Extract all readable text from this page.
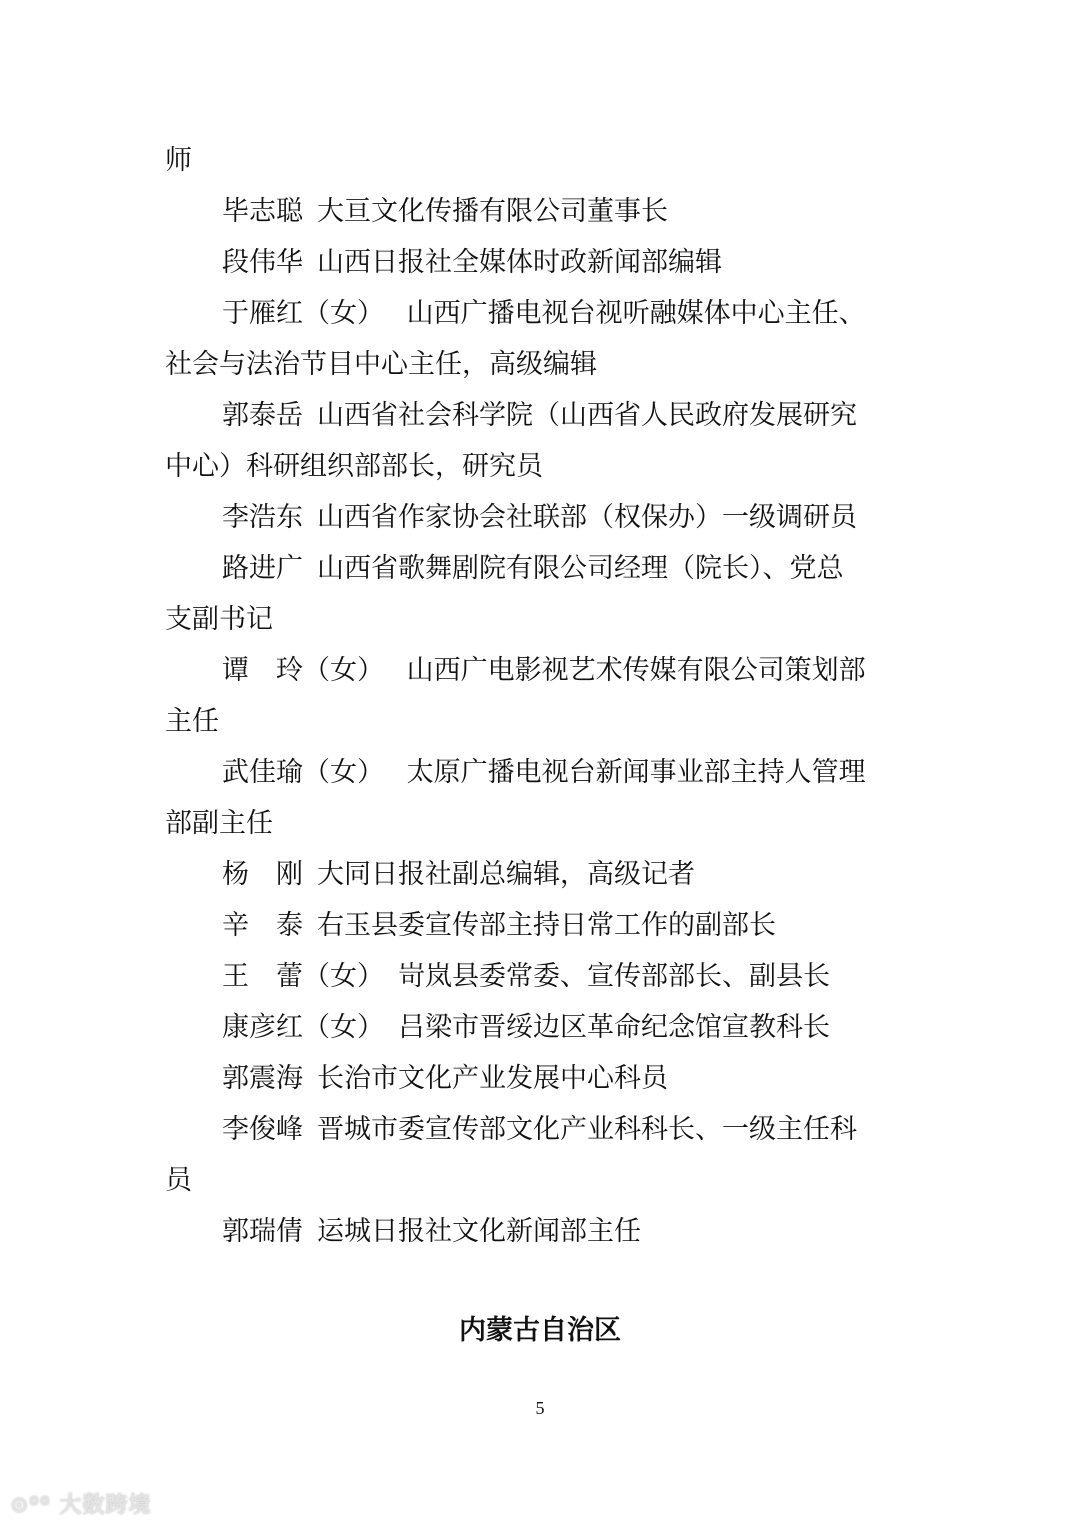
师
毕志聪 大亘文化传播有限公司董事长
段伟华 山西日报社全媒体时政新闻部编辑
于雁红（女） 山西广播电视台视听融媒体中心主任、
社会与法治节目中心主任，高级编辑
郭泰岳 山西省社会科学院（山西省人民政府发展研究
中心）科研组织部部长，研究员
李浩东 山西省作家协会社联部（权保办）一级调研员
路进广 山西省歌舞剧院有限公司经理（院长）、党总
支副书记
谭　玲（女） 山西广电影视艺术传媒有限公司策划部
主任
武佳瑜（女） 太原广播电视台新闻事业部主持人管理
部副主任
杨　刚 大同日报社副总编辑，高级记者
辛　泰 右玉县委宣传部主持日常工作的副部长
王　蕾（女） 岢岚县委常委、宣传部部长、副县长
康彦红（女） 吕梁市晋绥边区革命纪念馆宣教科长
郭震海 长治市文化产业发展中心科员
李俊峰 晋城市委宣传部文化产业科科长、一级主任科
员
郭瑞倩 运城日报社文化新闻部主任
内蒙古自治区
5
⊙⁰⁰ 大数跨境
